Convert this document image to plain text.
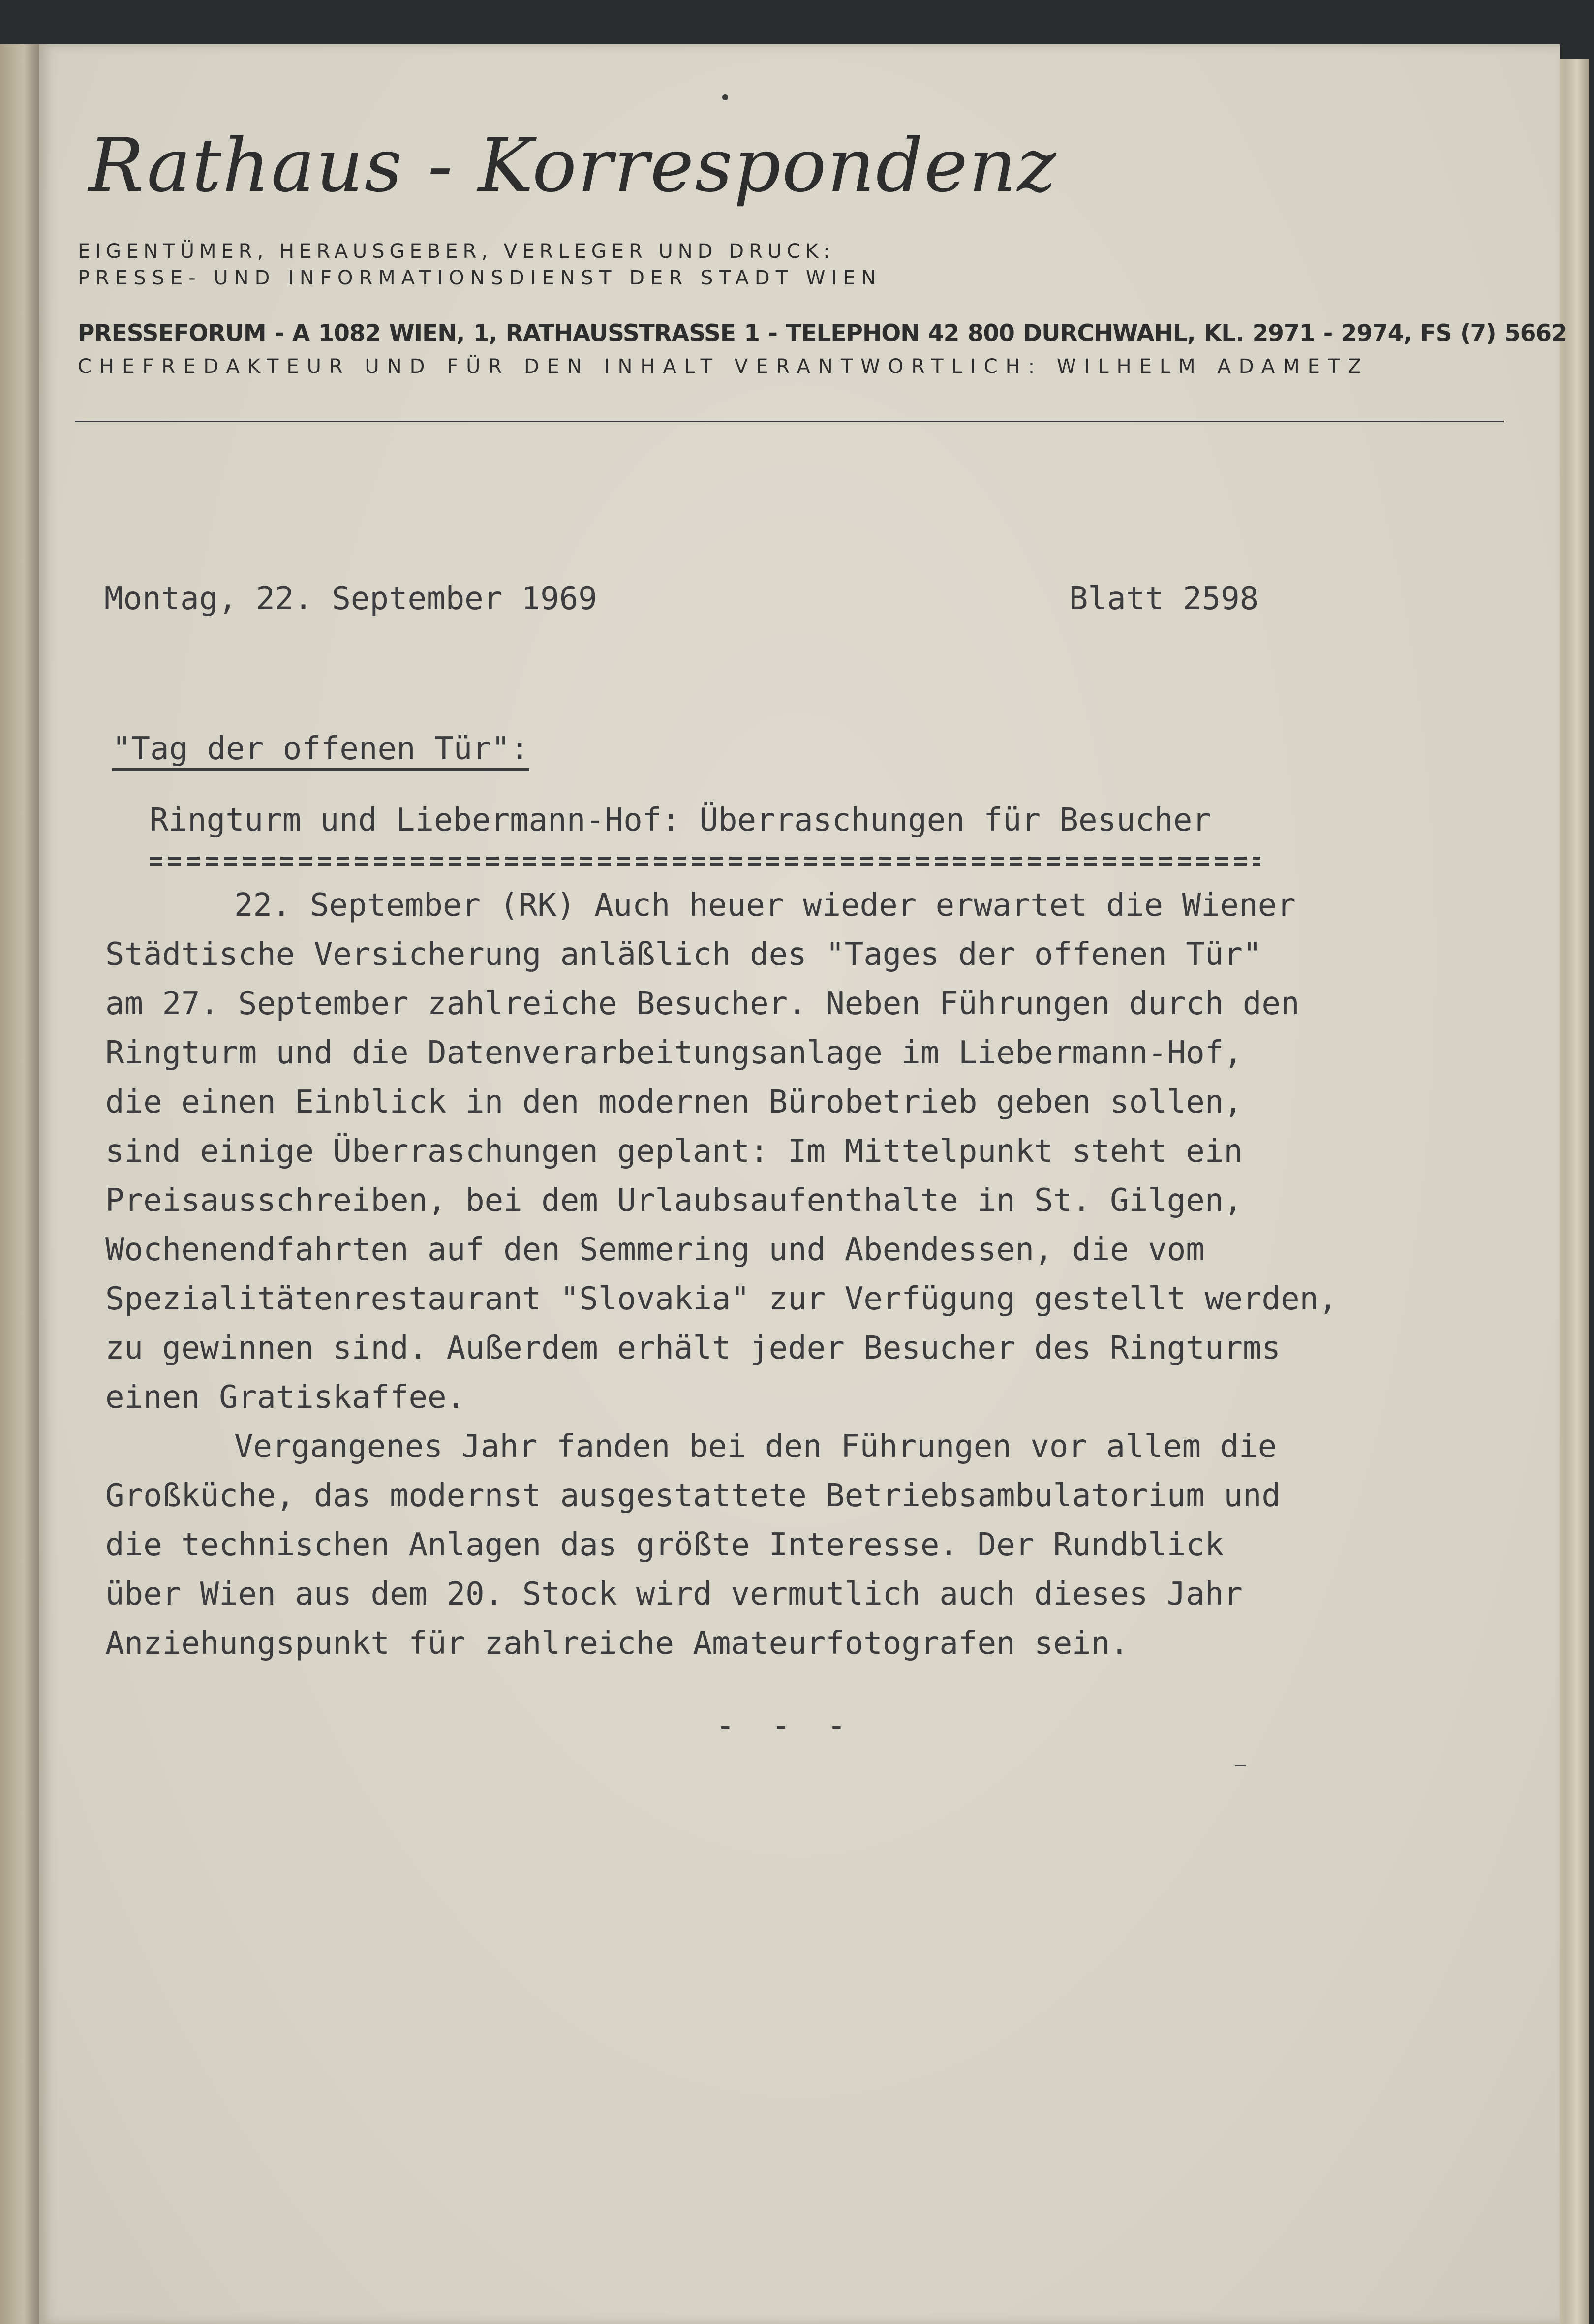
Rathaus - Korrespondenz
EIGENTÜMER, HERAUSGEBER, VERLEGER UND DRUCK:
PRESSE- UND INFORMATIONSDIENST DER STADT WIEN
PRESSEFORUM - A 1082 WIEN, 1, RATHAUSSTRASSE 1 - TELEPHON 42 800 DURCHWAHL, KL. 2971 - 2974, FS (7) 5662
CHEFREDAKTEUR UND FÜR DEN INHALT VERANTWORTLICH: WILHELM ADAMETZ
Montag, 22. September 1969	Blatt 2598
"Tag der offenen Tür":
Ringturm und Liebermann-Hof: Überraschungen für Besucher
22. September (RK) Auch heuer wieder erwartet die Wiener
Städtische Versicherung anläßlich des "Tages der offenen Tür"
am 27. September zahlreiche Besucher. Neben Führungen durch den
Ringturm und die Datenverarbeitungsanlage im Liebermann-Hof,
die einen Einblick in den modernen Bürobetrieb geben sollen,
sind einige Überraschungen geplant: Im Mittelpunkt steht ein
Preisausschreiben, bei dem Urlaubsaufenthalte in St. Gilgen,
Wochenendfahrten auf den Semmering und Abendessen, die vom
Spezialitätenrestaurant "Slovakia" zur Verfügung gestellt werden,
zu gewinnen sind. Außerdem erhält jeder Besucher des Ringturms
einen Gratiskaffee.
Vergangenes Jahr fanden bei den Führungen vor allem die
Großküche, das modernst ausgestattete Betriebsambulatorium und
die technischen Anlagen das größte Interesse. Der Rundblick
über Wien aus dem 20. Stock wird vermutlich auch dieses Jahr
Anziehungspunkt für zahlreiche Amateurfotografen sein.
- - -
